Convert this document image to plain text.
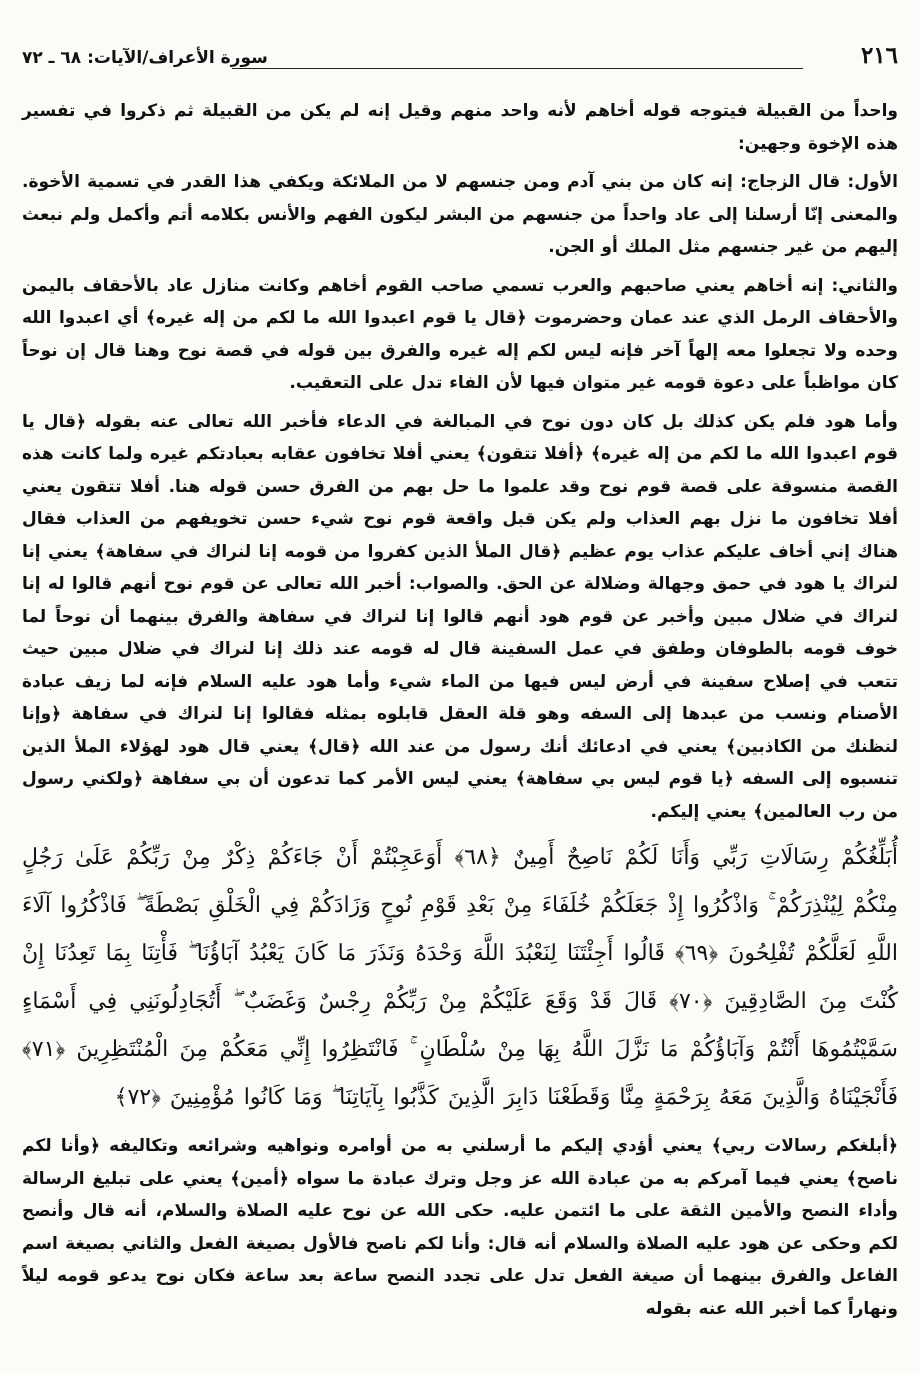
٢١٦
سورة الأعراف/الآيات: ٦٨ ـ ٧٢

واحداً من القبيلة فيتوجه قوله أخاهم لأنه واحد منهم وقيل إنه لم يكن من القبيلة ثم ذكروا في تفسير هذه الإخوة وجهين:

الأول: قال الزجاج: إنه كان من بني آدم ومن جنسهم لا من الملائكة ويكفي هذا القدر في تسمية الأخوة. والمعنى إنّا أرسلنا إلى عاد واحداً من جنسهم من البشر ليكون الفهم والأنس بكلامه أتم وأكمل ولم نبعث إليهم من غير جنسهم مثل الملك أو الجن.

والثاني: إنه أخاهم يعني صاحبهم والعرب تسمي صاحب القوم أخاهم وكانت منازل عاد بالأحقاف باليمن والأحقاف الرمل الذي عند عمان وحضرموت ﴿قال يا قوم اعبدوا الله ما لكم من إله غيره﴾ أي اعبدوا الله وحده ولا تجعلوا معه إلهاً آخر فإنه ليس لكم إله غيره والفرق بين قوله في قصة نوح وهنا قال إن نوحاً كان مواظباً على دعوة قومه غير متوان فيها لأن الفاء تدل على التعقيب.

وأما هود فلم يكن كذلك بل كان دون نوح في المبالغة في الدعاء فأخبر الله تعالى عنه بقوله ﴿قال يا قوم اعبدوا الله ما لكم من إله غيره﴾ ﴿أفلا تتقون﴾ يعني أفلا تخافون عقابه بعبادتكم غيره ولما كانت هذه القصة منسوقة على قصة قوم نوح وقد علموا ما حل بهم من الفرق حسن قوله هنا. أفلا تتقون يعني أفلا تخافون ما نزل بهم العذاب ولم يكن قبل واقعة قوم نوح شيء حسن تخويفهم من العذاب فقال هناك إني أخاف عليكم عذاب يوم عظيم ﴿قال الملأ الذين كفروا من قومه إنا لنراك في سفاهة﴾ يعني إنا لنراك يا هود في حمق وجهالة وضلالة عن الحق. والصواب: أخبر الله تعالى عن قوم نوح أنهم قالوا له إنا لنراك في ضلال مبين وأخبر عن قوم هود أنهم قالوا إنا لنراك في سفاهة والفرق بينهما أن نوحاً لما خوف قومه بالطوفان وطفق في عمل السفينة قال له قومه عند ذلك إنا لنراك في ضلال مبين حيث تتعب في إصلاح سفينة في أرض ليس فيها من الماء شيء وأما هود عليه السلام فإنه لما زيف عبادة الأصنام ونسب من عبدها إلى السفه وهو قلة العقل قابلوه بمثله فقالوا إنا لنراك في سفاهة ﴿وإنا لنظنك من الكاذبين﴾ يعني في ادعائك أنك رسول من عند الله ﴿قال﴾ يعني قال هود لهؤلاء الملأ الذين تنسبوه إلى السفه ﴿يا قوم ليس بي سفاهة﴾ يعني ليس الأمر كما تدعون أن بي سفاهة ﴿ولكني رسول من رب العالمين﴾ يعني إليكم.

أُبَلِّغُكُمْ رِسَالَاتِ رَبِّي وَأَنَا لَكُمْ نَاصِحٌ أَمِينٌ ﴿٦٨﴾ أَوَعَجِبْتُمْ أَنْ جَاءَكُمْ ذِكْرٌ مِنْ رَبِّكُمْ عَلَىٰ رَجُلٍ مِنْكُمْ لِيُنْذِرَكُمْ ۚ وَاذْكُرُوا إِذْ جَعَلَكُمْ خُلَفَاءَ مِنْ بَعْدِ قَوْمِ نُوحٍ وَزَادَكُمْ فِي الْخَلْقِ بَصْطَةً ۖ فَاذْكُرُوا آلَاءَ اللَّهِ لَعَلَّكُمْ تُفْلِحُونَ ﴿٦٩﴾ قَالُوا أَجِئْتَنَا لِنَعْبُدَ اللَّهَ وَحْدَهُ وَنَذَرَ مَا كَانَ يَعْبُدُ آبَاؤُنَا ۖ فَأْتِنَا بِمَا تَعِدُنَا إِنْ كُنْتَ مِنَ الصَّادِقِينَ ﴿٧٠﴾ قَالَ قَدْ وَقَعَ عَلَيْكُمْ مِنْ رَبِّكُمْ رِجْسٌ وَغَضَبٌ ۖ أَتُجَادِلُونَنِي فِي أَسْمَاءٍ سَمَّيْتُمُوهَا أَنْتُمْ وَآبَاؤُكُمْ مَا نَزَّلَ اللَّهُ بِهَا مِنْ سُلْطَانٍ ۚ فَانْتَظِرُوا إِنِّي مَعَكُمْ مِنَ الْمُنْتَظِرِينَ ﴿٧١﴾ فَأَنْجَيْنَاهُ وَالَّذِينَ مَعَهُ بِرَحْمَةٍ مِنَّا وَقَطَعْنَا دَابِرَ الَّذِينَ كَذَّبُوا بِآيَاتِنَا ۖ وَمَا كَانُوا مُؤْمِنِينَ ﴿٧٢﴾

﴿أبلغكم رسالات ربي﴾ يعني أؤدي إليكم ما أرسلني به من أوامره ونواهيه وشرائعه وتكاليفه ﴿وأنا لكم ناصح﴾ يعني فيما آمركم به من عبادة الله عز وجل وترك عبادة ما سواه ﴿أمين﴾ يعني على تبليغ الرسالة وأداء النصح والأمين الثقة على ما ائتمن عليه. حكى الله عن نوح عليه الصلاة والسلام، أنه قال وأنصح لكم وحكى عن هود عليه الصلاة والسلام أنه قال: وأنا لكم ناصح فالأول بصيغة الفعل والثاني بصيغة اسم الفاعل والفرق بينهما أن صيغة الفعل تدل على تجدد النصح ساعة بعد ساعة فكان نوح يدعو قومه ليلاً ونهاراً كما أخبر الله عنه بقوله
